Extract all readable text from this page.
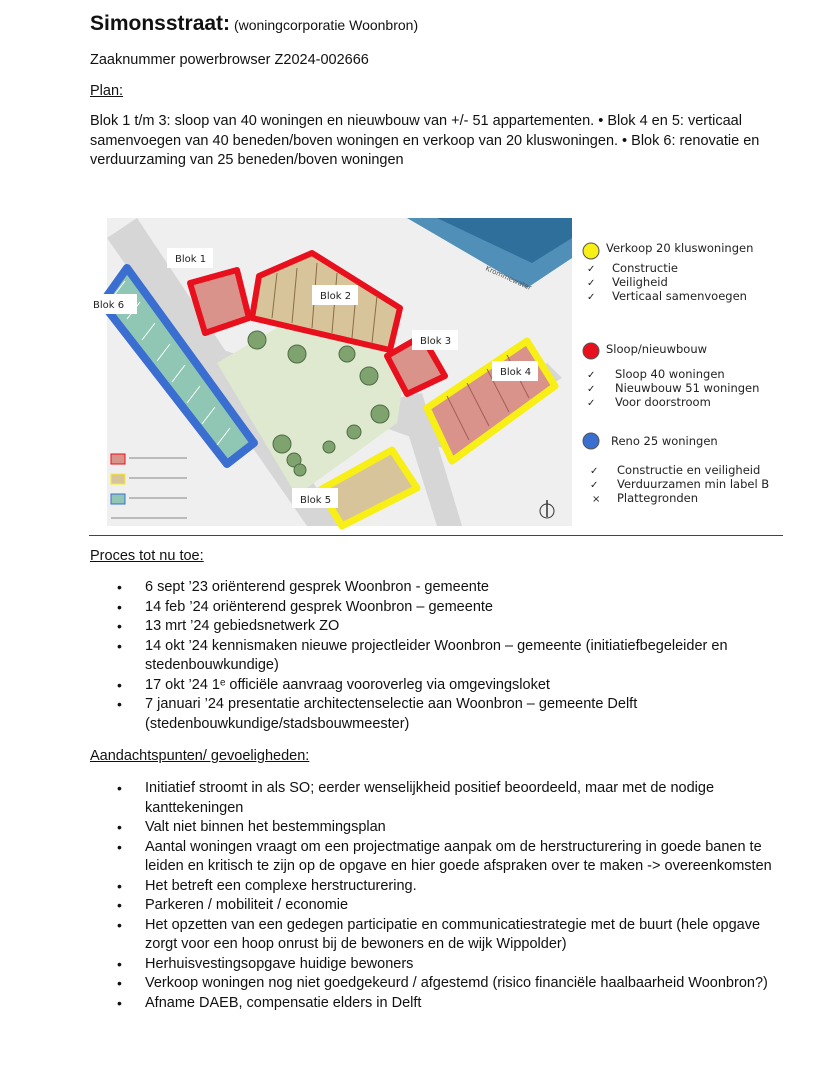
Simonsstraat: (woningcorporatie Woonbron)
Zaaknummer powerbrowser Z2024-002666
Plan:
Blok 1 t/m 3: sloop van 40 woningen en nieuwbouw van +/- 51 appartementen. • Blok 4 en 5: verticaal samenvoegen van 40 beneden/boven woningen en verkoop van 20 kluswoningen. • Blok 6: renovatie en verduurzaming van 25 beneden/boven woningen
Krommewater
Blok 1
Blok 2
Blok 3
Blok 4
Blok 5
Blok 6
Verkoop 20 kluswoningen
✓ Constructie
✓ Veiligheid
✓ Verticaal samenvoegen
Sloop/nieuwbouw
✓ Sloop 40 woningen
✓ Nieuwbouw 51 woningen
✓ Voor doorstroom
Reno 25 woningen
✓ Constructie en veiligheid
✓ Verduurzamen min label B
× Plattegronden
Proces tot nu toe:
• 6 sept ’23 oriënterend gesprek Woonbron - gemeente
• 14 feb ’24 oriënterend gesprek Woonbron – gemeente
• 13 mrt ’24 gebiedsnetwerk ZO
• 14 okt ’24 kennismaken nieuwe projectleider Woonbron – gemeente (initiatiefbegeleider en stedenbouwkundige)
• 17 okt ’24 1ᵉ officiële aanvraag vooroverleg via omgevingsloket
• 7 januari ’24 presentatie architectenselectie aan Woonbron – gemeente Delft (stedenbouwkundige/stadsbouwmeester)
Aandachtspunten/ gevoeligheden:
• Initiatief stroomt in als SO; eerder wenselijkheid positief beoordeeld, maar met de nodige kanttekeningen
• Valt niet binnen het bestemmingsplan
• Aantal woningen vraagt om een projectmatige aanpak om de herstructurering in goede banen te leiden en kritisch te zijn op de opgave en hier goede afspraken over te maken -> overeenkomsten
• Het betreft een complexe herstructurering.
• Parkeren / mobiliteit / economie
• Het opzetten van een gedegen participatie en communicatiestrategie met de buurt (hele opgave zorgt voor een hoop onrust bij de bewoners en de wijk Wippolder)
• Herhuisvestingsopgave huidige bewoners
• Verkoop woningen nog niet goedgekeurd / afgestemd (risico financiële haalbaarheid Woonbron?)
• Afname DAEB, compensatie elders in Delft
